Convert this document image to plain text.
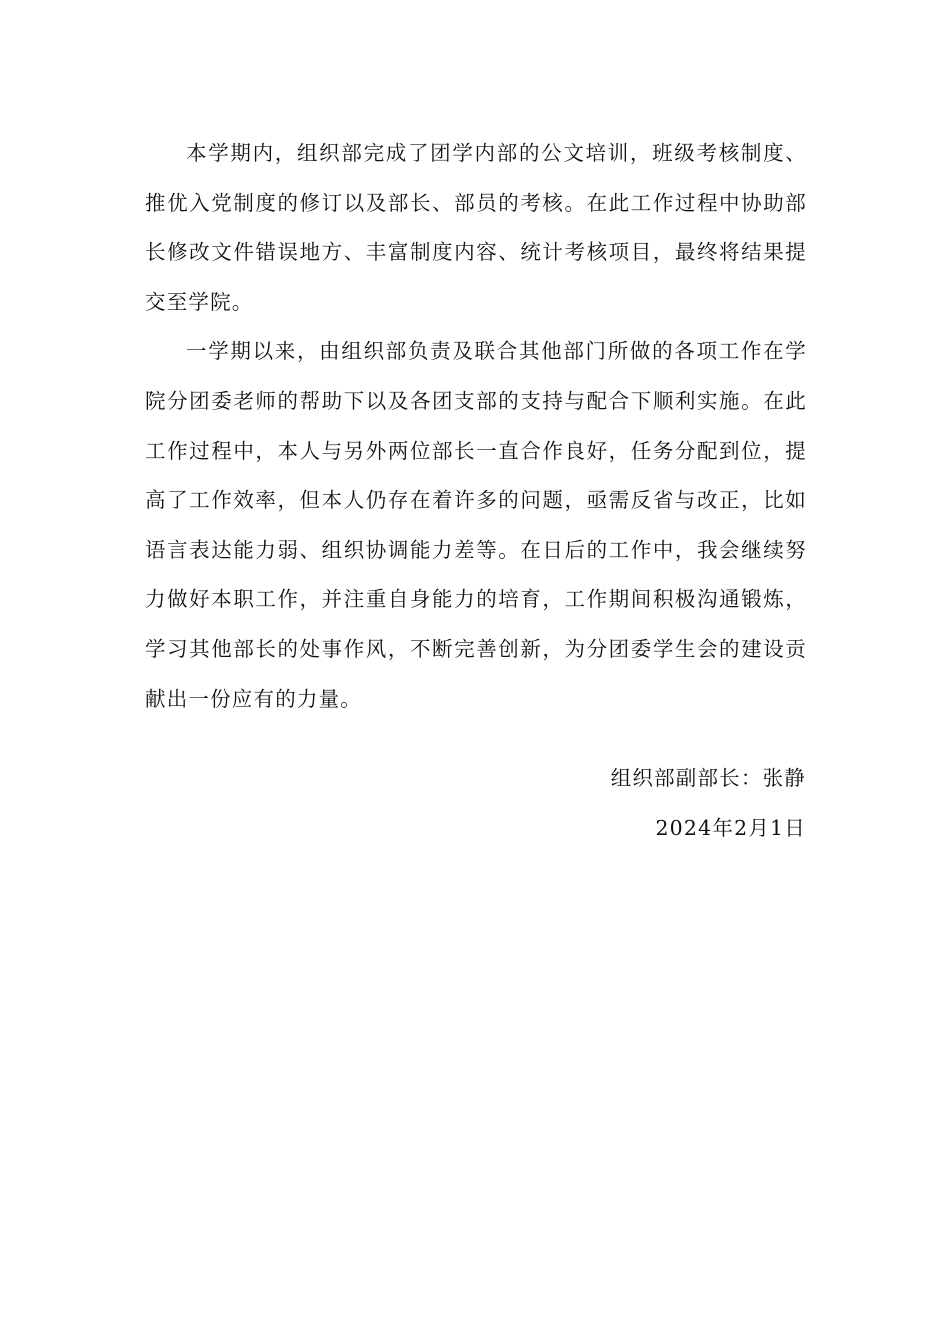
本学期内，组织部完成了团学内部的公文培训，班级考核制度、推优入党制度的修订以及部长、部员的考核。在此工作过程中协助部长修改文件错误地方、丰富制度内容、统计考核项目，最终将结果提交至学院。

一学期以来，由组织部负责及联合其他部门所做的各项工作在学院分团委老师的帮助下以及各团支部的支持与配合下顺利实施。在此工作过程中，本人与另外两位部长一直合作良好，任务分配到位，提高了工作效率，但本人仍存在着许多的问题，亟需反省与改正，比如语言表达能力弱、组织协调能力差等。在日后的工作中，我会继续努力做好本职工作，并注重自身能力的培育，工作期间积极沟通锻炼，学习其他部长的处事作风，不断完善创新，为分团委学生会的建设贡献出一份应有的力量。

组织部副部长：张静

2024年2月1日
